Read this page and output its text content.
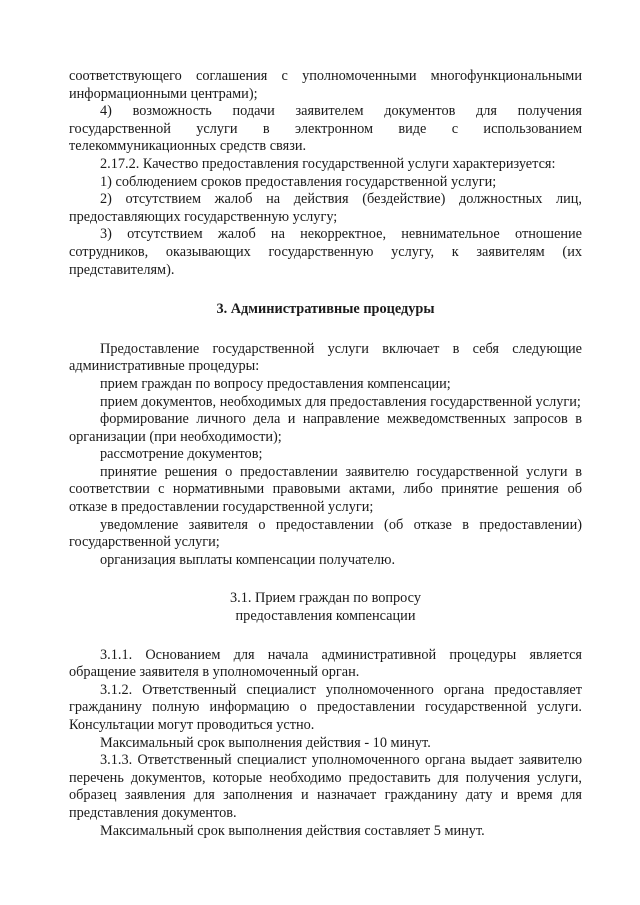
соответствующего соглашения с уполномоченными многофункциональными информационными центрами);

4) возможность подачи заявителем документов для получения государственной услуги в электронном виде с использованием телекоммуникационных средств связи.

2.17.2. Качество предоставления государственной услуги характеризуется:

1) соблюдением сроков предоставления государственной услуги;

2) отсутствием жалоб на действия (бездействие) должностных лиц, предоставляющих государственную услугу;

3) отсутствием жалоб на некорректное, невнимательное отношение сотрудников, оказывающих государственную услугу, к заявителям (их представителям).

3. Административные процедуры

Предоставление государственной услуги включает в себя следующие административные процедуры:

прием граждан по вопросу предоставления компенсации;

прием документов, необходимых для предоставления государственной услуги;

формирование личного дела и направление межведомственных запросов в организации (при необходимости);

рассмотрение документов;

принятие решения о предоставлении заявителю государственной услуги в соответствии с нормативными правовыми актами, либо принятие решения об отказе в предоставлении государственной услуги;

уведомление заявителя о предоставлении (об отказе в предоставлении) государственной услуги;

организация выплаты компенсации получателю.

3.1. Прием граждан по вопросу
предоставления компенсации

3.1.1. Основанием для начала административной процедуры является обращение заявителя в уполномоченный орган.

3.1.2. Ответственный специалист уполномоченного органа предоставляет гражданину полную информацию о предоставлении государственной услуги. Консультации могут проводиться устно.

Максимальный срок выполнения действия - 10 минут.

3.1.3. Ответственный специалист уполномоченного органа выдает заявителю перечень документов, которые необходимо предоставить для получения услуги, образец заявления для заполнения и назначает гражданину дату и время для представления документов.

Максимальный срок выполнения действия составляет 5 минут.
